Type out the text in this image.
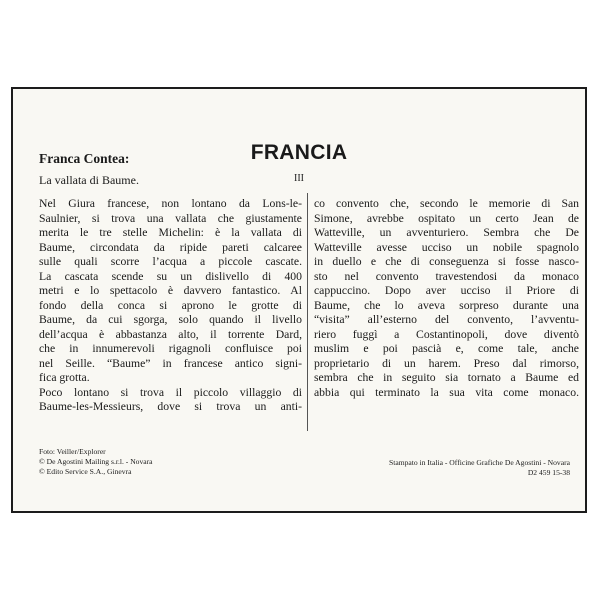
FRANCIA
III
Franca Contea:
La vallata di Baume.
Nel Giura francese, non lontano da Lons-le-
Saulnier, si trova una vallata che giustamente
merita le tre stelle Michelin: è la vallata di
Baume, circondata da ripide pareti calcaree
sulle quali scorre l’acqua a piccole cascate.
La cascata scende su un dislivello di 400
metri e lo spettacolo è davvero fantastico. Al
fondo della conca si aprono le grotte di
Baume, da cui sgorga, solo quando il livello
dell’acqua è abbastanza alto, il torrente Dard,
che in innumerevoli rigagnoli confluisce poi
nel Seille. “Baume” in francese antico signi-
fica grotta.
Poco lontano si trova il piccolo villaggio di
Baume-les-Messieurs, dove si trova un anti-
co convento che, secondo le memorie di San
Simone, avrebbe ospitato un certo Jean de
Watteville, un avventuriero. Sembra che De
Watteville avesse ucciso un nobile spagnolo
in duello e che di conseguenza si fosse nasco-
sto nel convento travestendosi da monaco
cappuccino. Dopo aver ucciso il Priore di
Baume, che lo aveva sorpreso durante una
“visita” all’esterno del convento, l’avventu-
riero fuggì a Costantinopoli, dove diventò
muslim e poi pascià e, come tale, anche
proprietario di un harem. Preso dal rimorso,
sembra che in seguito sia tornato a Baume ed
abbia qui terminato la sua vita come monaco.
Foto: Veiller/Explorer
© De Agostini Mailing s.r.l. - Novara
© Edito Service S.A., Ginevra
Stampato in Italia - Officine Grafiche De Agostini - Novara
D2 459 15-38
